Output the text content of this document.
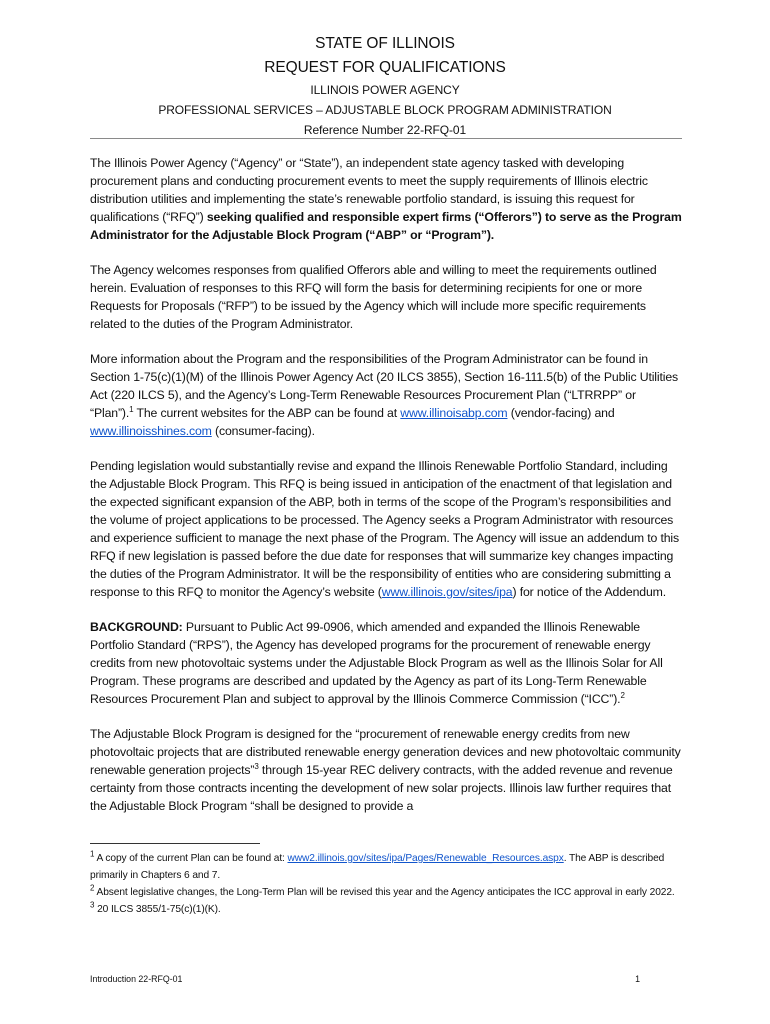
STATE OF ILLINOIS
REQUEST FOR QUALIFICATIONS
ILLINOIS POWER AGENCY
PROFESSIONAL SERVICES – ADJUSTABLE BLOCK PROGRAM ADMINISTRATION
Reference Number 22-RFQ-01

The Illinois Power Agency (“Agency” or “State”), an independent state agency tasked with developing procurement plans and conducting procurement events to meet the supply requirements of Illinois electric distribution utilities and implementing the state’s renewable portfolio standard, is issuing this request for qualifications (“RFQ”) seeking qualified and responsible expert firms (“Offerors”) to serve as the Program Administrator for the Adjustable Block Program (“ABP” or “Program”).

The Agency welcomes responses from qualified Offerors able and willing to meet the requirements outlined herein. Evaluation of responses to this RFQ will form the basis for determining recipients for one or more Requests for Proposals (“RFP”) to be issued by the Agency which will include more specific requirements related to the duties of the Program Administrator.

More information about the Program and the responsibilities of the Program Administrator can be found in Section 1-75(c)(1)(M) of the Illinois Power Agency Act (20 ILCS 3855), Section 16-111.5(b) of the Public Utilities Act (220 ILCS 5), and the Agency’s Long-Term Renewable Resources Procurement Plan (“LTRRPP” or “Plan”).$^1$ The current websites for the ABP can be found at www.illinoisabp.com (vendor-facing) and www.illinoisshines.com (consumer-facing).

Pending legislation would substantially revise and expand the Illinois Renewable Portfolio Standard, including the Adjustable Block Program. This RFQ is being issued in anticipation of the enactment of that legislation and the expected significant expansion of the ABP, both in terms of the scope of the Program’s responsibilities and the volume of project applications to be processed. The Agency seeks a Program Administrator with resources and experience sufficient to manage the next phase of the Program. The Agency will issue an addendum to this RFQ if new legislation is passed before the due date for responses that will summarize key changes impacting the duties of the Program Administrator. It will be the responsibility of entities who are considering submitting a response to this RFQ to monitor the Agency’s website (www.illinois.gov/sites/ipa) for notice of the Addendum.

BACKGROUND: Pursuant to Public Act 99-0906, which amended and expanded the Illinois Renewable Portfolio Standard (“RPS”), the Agency has developed programs for the procurement of renewable energy credits from new photovoltaic systems under the Adjustable Block Program as well as the Illinois Solar for All Program. These programs are described and updated by the Agency as part of its Long-Term Renewable Resources Procurement Plan and subject to approval by the Illinois Commerce Commission (“ICC”).$^2$

The Adjustable Block Program is designed for the “procurement of renewable energy credits from new photovoltaic projects that are distributed renewable energy generation devices and new photovoltaic community renewable generation projects”$^3$ through 15-year REC delivery contracts, with the added revenue and revenue certainty from those contracts incenting the development of new solar projects. Illinois law further requires that the Adjustable Block Program “shall be designed to provide a

$^1$ A copy of the current Plan can be found at: www2.illinois.gov/sites/ipa/Pages/Renewable_Resources.aspx. The ABP is described primarily in Chapters 6 and 7.

$^2$ Absent legislative changes, the Long-Term Plan will be revised this year and the Agency anticipates the ICC approval in early 2022.

$^3$ 20 ILCS 3855/1-75(c)(1)(K).

Introduction 22-RFQ-01	1
